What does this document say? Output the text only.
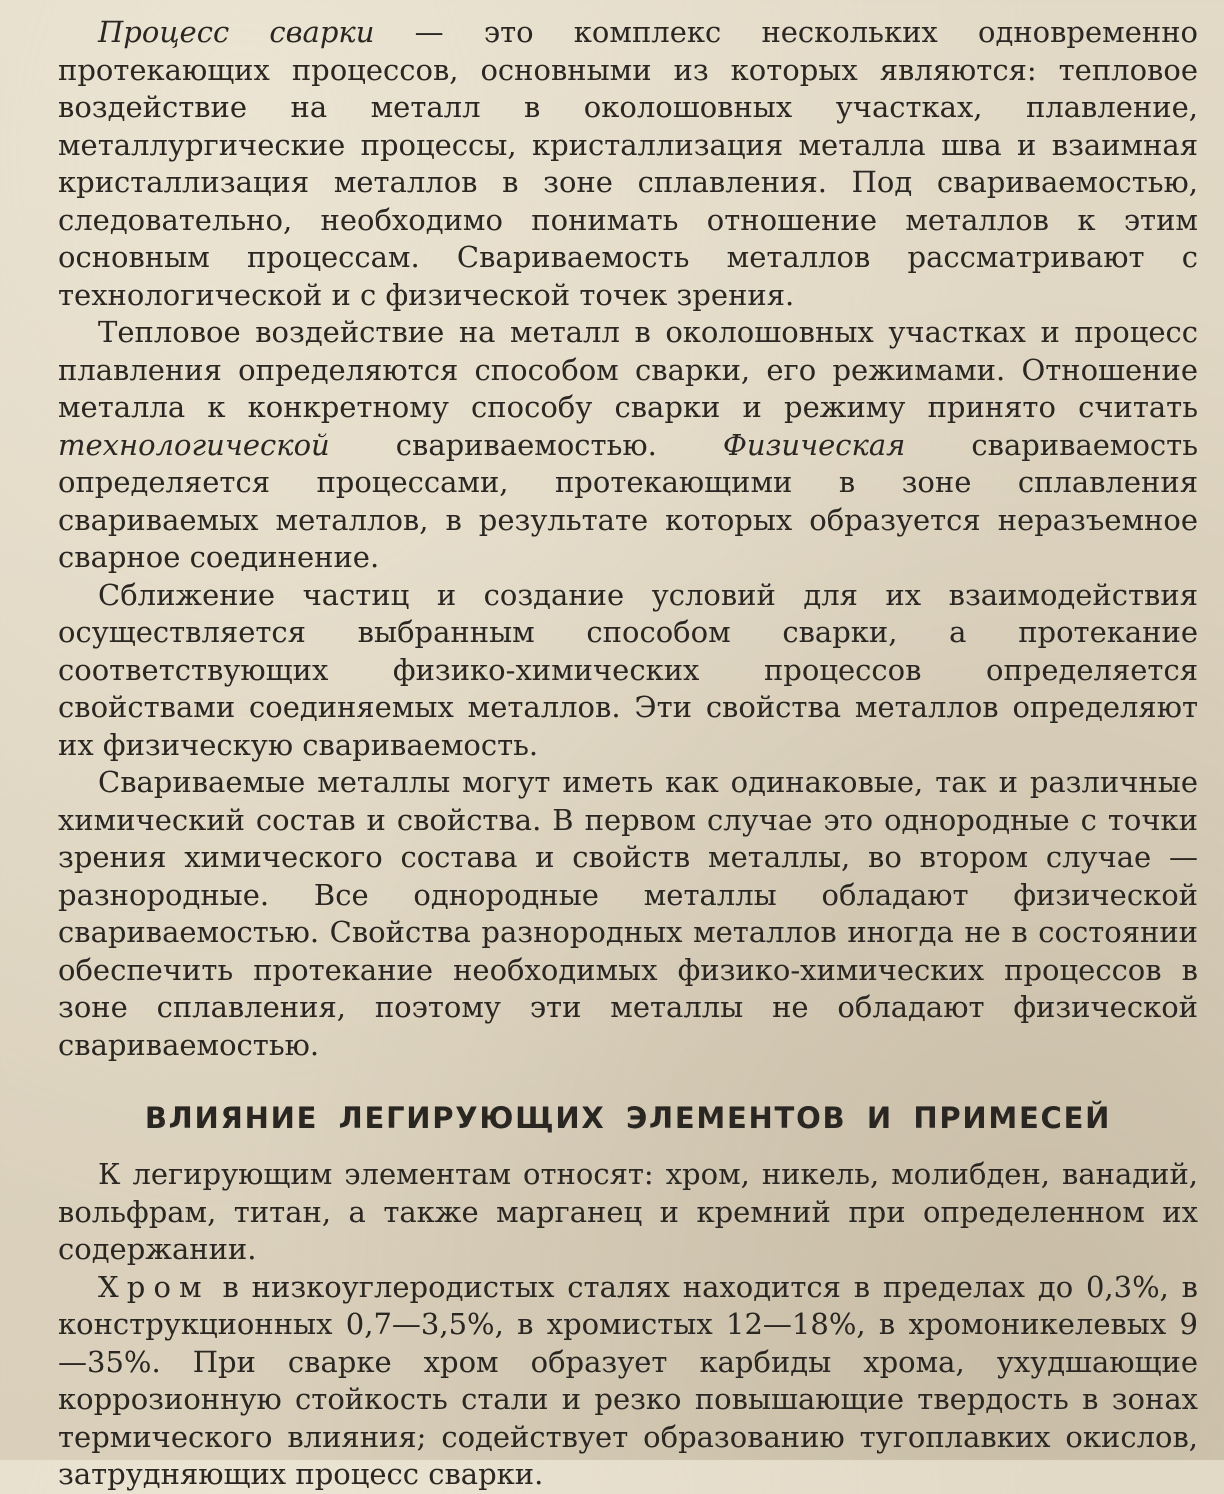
Процесс сварки — это комплекс нескольких одновременно протекающих процессов, основными из которых являются: тепловое воздействие на металл в околошовных участках, плавление, металлургические процессы, кристаллизация металла шва и взаимная кристаллизация металлов в зоне сплавления. Под свариваемостью, следовательно, необходимо понимать отношение металлов к этим основным процессам. Свариваемость металлов рассматривают с технологической и с физической точек зрения.

Тепловое воздействие на металл в околошовных участках и процесс плавления определяются способом сварки, его режимами. Отношение металла к конкретному способу сварки и режиму принято считать технологической свариваемостью. Физическая свариваемость определяется процессами, протекающими в зоне сплавления свариваемых металлов, в результате которых образуется неразъемное сварное соединение.

Сближение частиц и создание условий для их взаимодействия осуществляется выбранным способом сварки, а протекание соответствующих физико-химических процессов определяется свойствами соединяемых металлов. Эти свойства металлов определяют их физическую свариваемость.

Свариваемые металлы могут иметь как одинаковые, так и различные химический состав и свойства. В первом случае это однородные с точки зрения химического состава и свойств металлы, во втором случае — разнородные. Все однородные металлы обладают физической свариваемостью. Свойства разнородных металлов иногда не в состоянии обеспечить протекание необходимых физико-химических процессов в зоне сплавления, поэтому эти металлы не обладают физической свариваемостью.

ВЛИЯНИЕ ЛЕГИРУЮЩИХ ЭЛЕМЕНТОВ И ПРИМЕСЕЙ

К легирующим элементам относят: хром, никель, молибден, ванадий, вольфрам, титан, а также марганец и кремний при определенном их содержании.

Хром в низкоуглеродистых сталях находится в пределах до 0,3%, в конструкционных 0,7—3,5%, в хромистых 12—18%, в хромоникелевых 9—35%. При сварке хром образует карбиды хрома, ухудшающие коррозионную стойкость стали и резко повышающие твердость в зонах термического влияния; содействует образованию тугоплавких окислов, затрудняющих процесс сварки.
